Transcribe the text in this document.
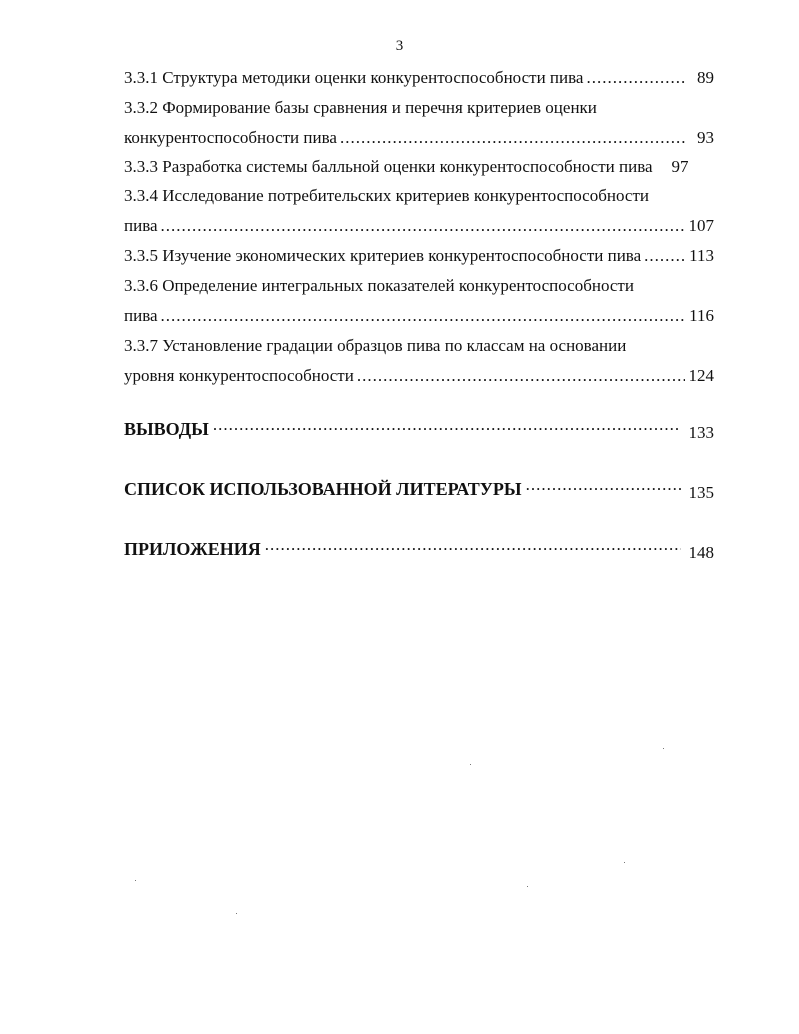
3
3.3.1 Структура методики оценки конкурентоспособности пива .....	89
3.3.2 Формирование базы сравнения и перечня критериев оценки
конкурентоспособности пива .....	93
3.3.3 Разработка системы балльной оценки конкурентоспособности пива	97
3.3.4 Исследование потребительских критериев конкурентоспособности
пива .....	107
3.3.5 Изучение экономических критериев конкурентоспособности пива .....	113
3.3.6 Определение интегральных показателей конкурентоспособности
пива .....	116
3.3.7 Установление градации образцов пива по классам на основании
уровня конкурентоспособности .....	124
ВЫВОДЫ .....	133
СПИСОК ИСПОЛЬЗОВАННОЙ ЛИТЕРАТУРЫ .....	135
ПРИЛОЖЕНИЯ .....	148
